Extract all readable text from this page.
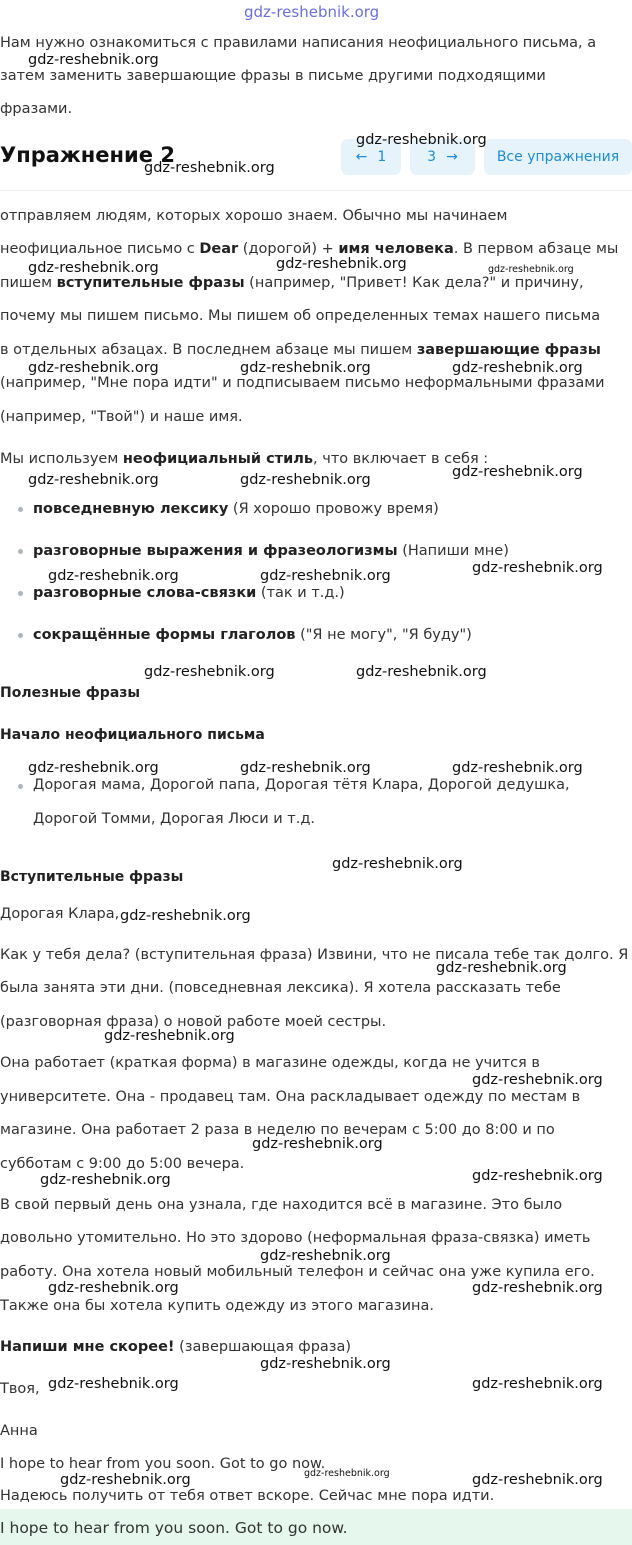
gdz-reshebnik.org
Нам нужно ознакомиться с правилами написания неофициального письма, а
затем заменить завершающие фразы в письме другими подходящими
фразами.
Упражнение 2	← 1	3 →	Все упражнения
отправляем людям, которых хорошо знаем. Обычно мы начинаем
неофициальное письмо с Dear (дорогой) + имя человека. В первом абзаце мы
пишем вступительные фразы (например, "Привет! Как дела?" и причину,
почему мы пишем письмо. Мы пишем об определенных темах нашего письма
в отдельных абзацах. В последнем абзаце мы пишем завершающие фразы
(например, "Мне пора идти" и подписываем письмо неформальными фразами
(например, "Твой") и наше имя.
Мы используем неофициальный стиль, что включает в себя :
повседневную лексику (Я хорошо провожу время)
разговорные выражения и фразеологизмы (Напиши мне)
разговорные слова-связки (так и т.д.)
сокращённые формы глаголов ("Я не могу", "Я буду")
Полезные фразы
Начало неофициального письма
Дорогая мама, Дорогой папа, Дорогая тётя Клара, Дорогой дедушка,
Дорогой Томми, Дорогая Люси и т.д.
Вступительные фразы
Дорогая Клара,
Как у тебя дела? (вступительная фраза) Извини, что не писала тебе так долго. Я
была занята эти дни. (повседневная лексика). Я хотела рассказать тебе
(разговорная фраза) о новой работе моей сестры.
Она работает (краткая форма) в магазине одежды, когда не учится в
университете. Она - продавец там. Она раскладывает одежду по местам в
магазине. Она работает 2 раза в неделю по вечерам с 5:00 до 8:00 и по
субботам с 9:00 до 5:00 вечера.
В свой первый день она узнала, где находится всё в магазине. Это было
довольно утомительно. Но это здорово (неформальная фраза-связка) иметь
работу. Она хотела новый мобильный телефон и сейчас она уже купила его.
Также она бы хотела купить одежду из этого магазина.
Напиши мне скорее! (завершающая фраза)
Твоя,
Анна
I hope to hear from you soon. Got to go now.
Надеюсь получить от тебя ответ вскоре. Сейчас мне пора идти.
I hope to hear from you soon. Got to go now.
gdz-reshebnik.org
gdz-reshebnik.org
gdz-reshebnik.org
gdz-reshebnik.org	gdz-reshebnik.org	gdz-reshebnik.org
gdz-reshebnik.org	gdz-reshebnik.org	gdz-reshebnik.org
gdz-reshebnik.org	gdz-reshebnik.org	gdz-reshebnik.org
gdz-reshebnik.org	gdz-reshebnik.org	gdz-reshebnik.org
gdz-reshebnik.org	gdz-reshebnik.org
gdz-reshebnik.org	gdz-reshebnik.org	gdz-reshebnik.org
gdz-reshebnik.org
gdz-reshebnik.org
gdz-reshebnik.org
gdz-reshebnik.org
gdz-reshebnik.org
gdz-reshebnik.org
gdz-reshebnik.org	gdz-reshebnik.org
gdz-reshebnik.org
gdz-reshebnik.org	gdz-reshebnik.org
gdz-reshebnik.org
gdz-reshebnik.org	gdz-reshebnik.org
gdz-reshebnik.org	gdz-reshebnik.org	gdz-reshebnik.org
